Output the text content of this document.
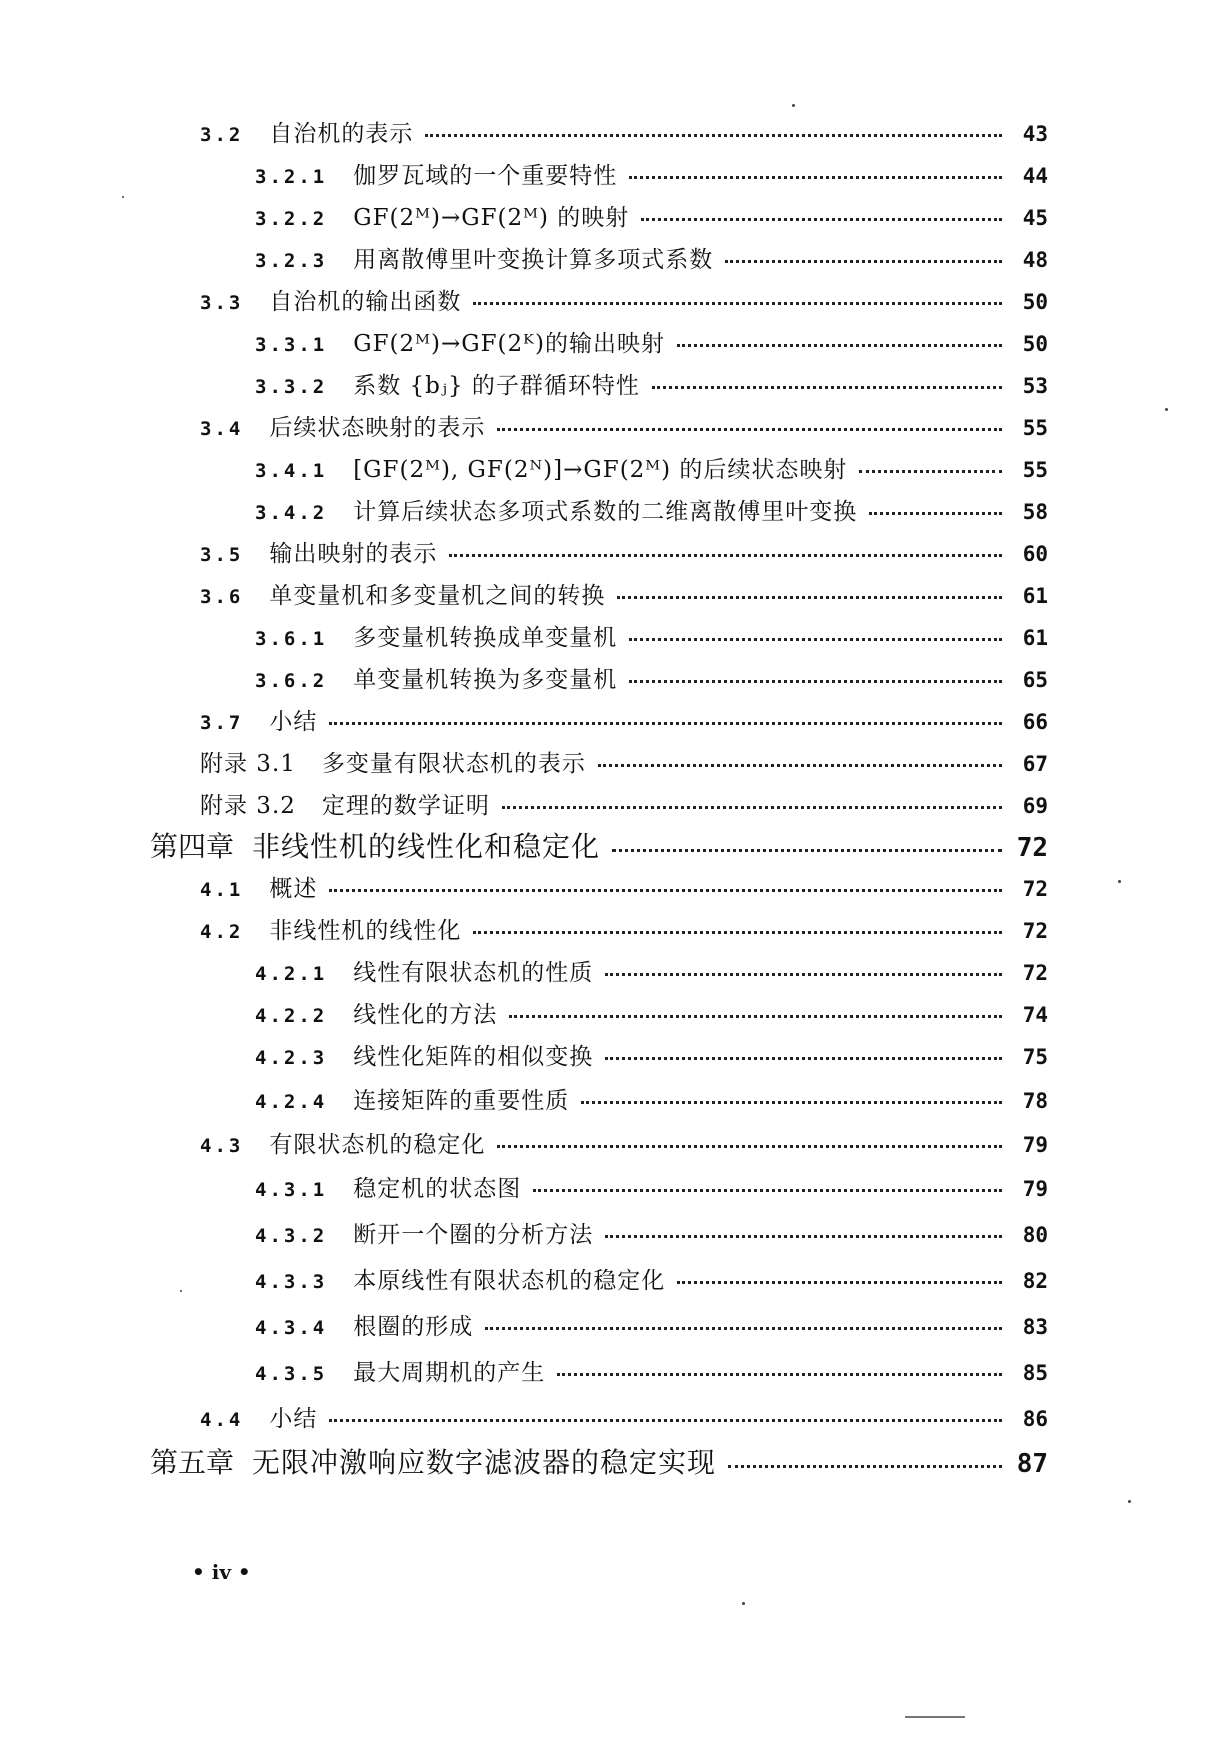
3.2 自治机的表示	43
3.2.1 伽罗瓦域的一个重要特性	44
3.2.2 GF(2ᴹ)→GF(2ᴹ) 的映射	45
3.2.3 用离散傅里叶变换计算多项式系数	48
3.3 自治机的输出函数	50
3.3.1 GF(2ᴹ)→GF(2ᴷ)的输出映射	50
3.3.2 系数 {bⱼ} 的子群循环特性	53
3.4 后续状态映射的表示	55
3.4.1 [GF(2ᴹ), GF(2ᴺ)]→GF(2ᴹ) 的后续状态映射	55
3.4.2 计算后续状态多项式系数的二维离散傅里叶变换	58
3.5 输出映射的表示	60
3.6 单变量机和多变量机之间的转换	61
3.6.1 多变量机转换成单变量机	61
3.6.2 单变量机转换为多变量机	65
3.7 小结	66
附录 3.1 多变量有限状态机的表示	67
附录 3.2 定理的数学证明	69
第四章 非线性机的线性化和稳定化	72
4.1 概述	72
4.2 非线性机的线性化	72
4.2.1 线性有限状态机的性质	72
4.2.2 线性化的方法	74
4.2.3 线性化矩阵的相似变换	75
4.2.4 连接矩阵的重要性质	78
4.3 有限状态机的稳定化	79
4.3.1 稳定机的状态图	79
4.3.2 断开一个圈的分析方法	80
4.3.3 本原线性有限状态机的稳定化	82
4.3.4 根圈的形成	83
4.3.5 最大周期机的产生	85
4.4 小结	86
第五章 无限冲激响应数字滤波器的稳定实现	87
• iv •
